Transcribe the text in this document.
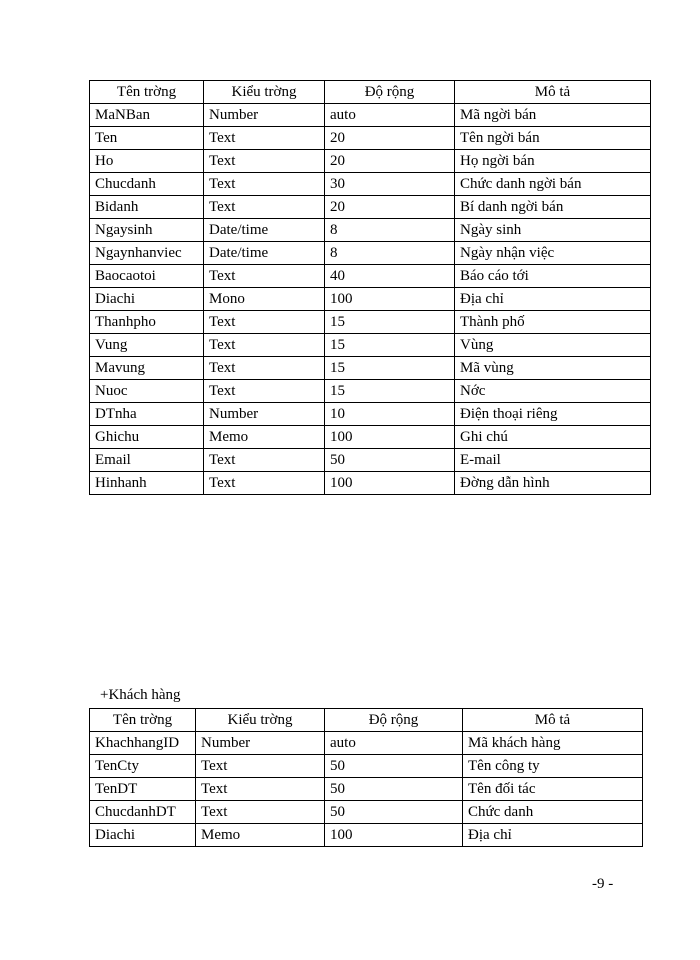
Tên trờng	Kiểu trờng	Độ rộng	Mô tả
MaNBan	Number	auto	Mã ngời bán
Ten	Text	20	Tên ngời bán
Ho	Text	20	Họ ngời bán
Chucdanh	Text	30	Chức danh ngời bán
Bidanh	Text	20	Bí danh ngời bán
Ngaysinh	Date/time	8	Ngày sinh
Ngaynhanviec	Date/time	8	Ngày nhận việc
Baocaotoi	Text	40	Báo cáo tới
Diachi	Mono	100	Địa chỉ
Thanhpho	Text	15	Thành phố
Vung	Text	15	Vùng
Mavung	Text	15	Mã vùng
Nuoc	Text	15	Nớc
DTnha	Number	10	Điện thoại riêng
Ghichu	Memo	100	Ghi chú
Email	Text	50	E-mail
Hinhanh	Text	100	Đờng dẫn hình
+Khách hàng
Tên trờng	Kiểu trờng	Độ rộng	Mô tả
KhachhangID	Number	auto	Mã khách hàng
TenCty	Text	50	Tên công ty
TenDT	Text	50	Tên đối tác
ChucdanhDT	Text	50	Chức danh
Diachi	Memo	100	Địa chỉ
-9 -
